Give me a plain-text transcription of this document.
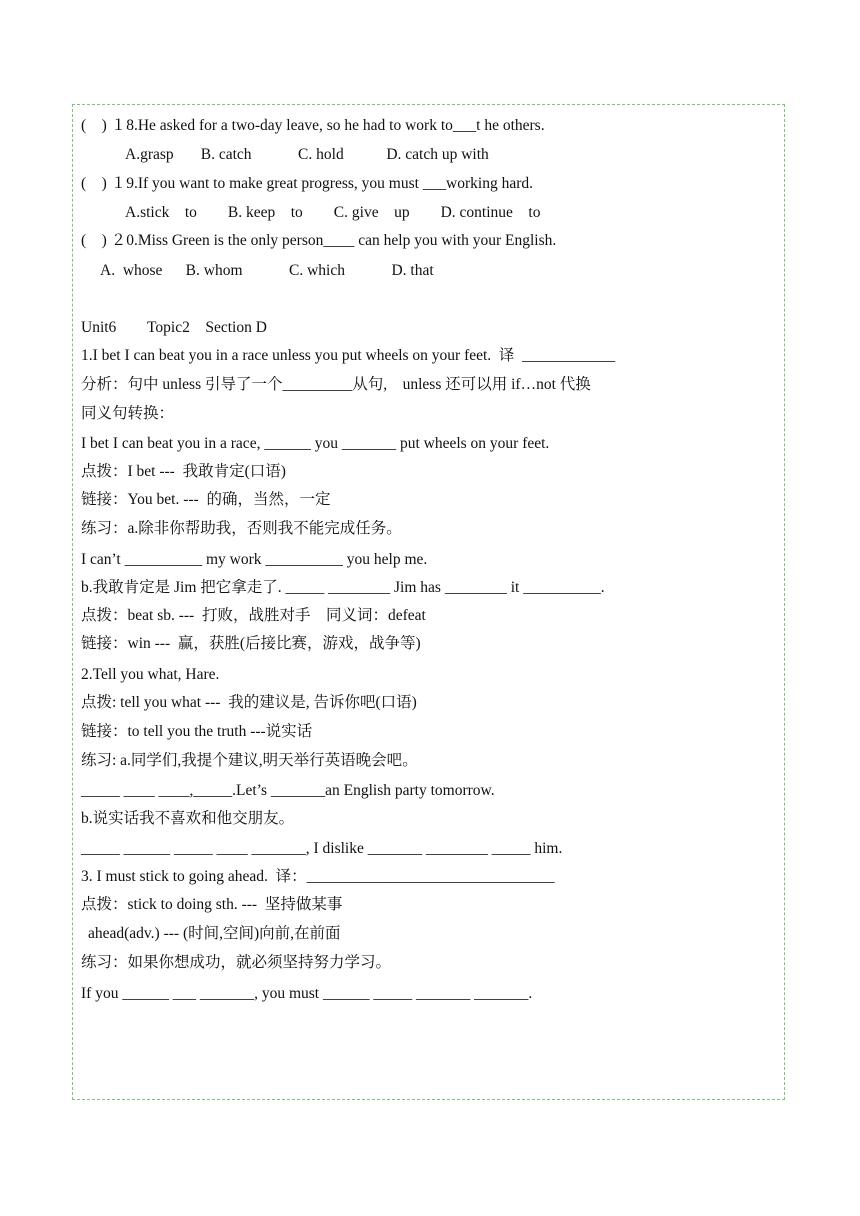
(    ) １8.He asked for a two-day leave, so he had to work to___t he others.
A.grasp       B. catch            C. hold           D. catch up with
(    ) １9.If you want to make great progress, you must ___working hard.
A.stick    to        B. keep    to        C. give    up        D. continue    to
(    ) ２0.Miss Green is the only person____ can help you with your English.
A.  whose      B. whom            C. which            D. that
Unit6        Topic2    Section D
1.I bet I can beat you in a race unless you put wheels on your feet.  译  ____________
分析：句中 unless 引导了一个_________从句,    unless 还可以用 if…not 代换
同义句转换：
I bet I can beat you in a race, ______ you _______ put wheels on your feet.
点拨：I bet ---  我敢肯定(口语)
链接：You bet. ---  的确，当然，一定
练习：a.除非你帮助我，否则我不能完成任务。
I can’t __________ my work __________ you help me.
b.我敢肯定是 Jim 把它拿走了. _____ ________ Jim has ________ it __________.
点拨：beat sb. ---  打败，战胜对手    同义词：defeat
链接：win ---  赢，获胜(后接比赛，游戏，战争等)
2.Tell you what, Hare.
点拨: tell you what ---  我的建议是, 告诉你吧(口语)
链接：to tell you the truth ---说实话
练习: a.同学们,我提个建议,明天举行英语晚会吧。
_____ ____ ____,_____.Let’s _______an English party tomorrow.
b.说实话我不喜欢和他交朋友。
_____ ______ _____ ____ _______, I dislike _______ ________ _____ him.
3. I must stick to going ahead.  译：________________________________
点拨：stick to doing sth. ---  坚持做某事
ahead(adv.) --- (时间,空间)向前,在前面
练习：如果你想成功，就必须坚持努力学习。
If you ______ ___ _______, you must ______ _____ _______ _______.
